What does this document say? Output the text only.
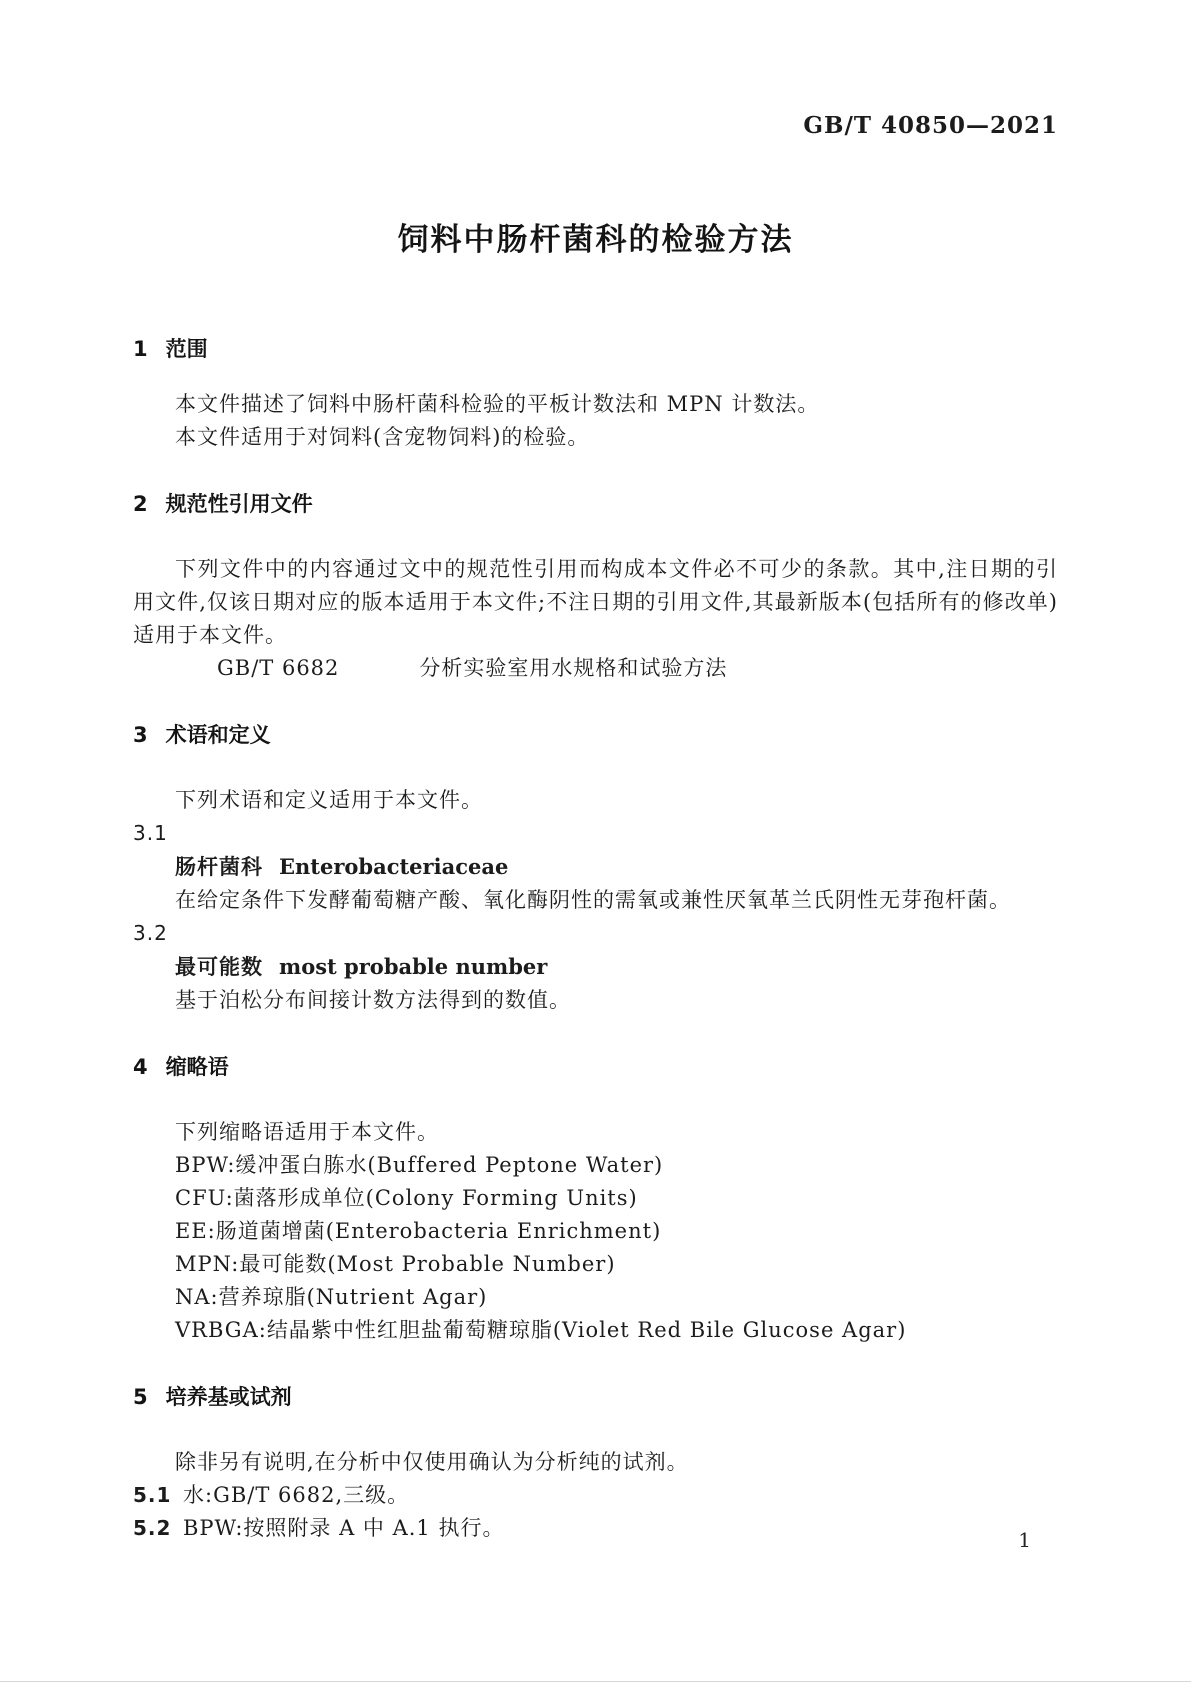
GB/T 40850—2021
饲料中肠杆菌科的检验方法
1 范围

本文件描述了饲料中肠杆菌科检验的平板计数法和 MPN 计数法。

本文件适用于对饲料(含宠物饲料)的检验。

2 规范性引用文件

下列文件中的内容通过文中的规范性引用而构成本文件必不可少的条款。其中,注日期的引用文件,仅该日期对应的版本适用于本文件;不注日期的引用文件,其最新版本(包括所有的修改单)适用于本文件。

GB/T 6682	分析实验室用水规格和试验方法

3 术语和定义

下列术语和定义适用于本文件。

3.1
肠杆菌科 Enterobacteriaceae

在给定条件下发酵葡萄糖产酸、氧化酶阴性的需氧或兼性厌氧革兰氏阴性无芽孢杆菌。

3.2
最可能数 most probable number

基于泊松分布间接计数方法得到的数值。

4 缩略语

下列缩略语适用于本文件。

BPW:缓冲蛋白胨水(Buffered Peptone Water)

CFU:菌落形成单位(Colony Forming Units)

EE:肠道菌增菌(Enterobacteria Enrichment)

MPN:最可能数(Most Probable Number)

NA:营养琼脂(Nutrient Agar)

VRBGA:结晶紫中性红胆盐葡萄糖琼脂(Violet Red Bile Glucose Agar)

5 培养基或试剂

除非另有说明,在分析中仅使用确认为分析纯的试剂。

5.1 水:GB/T 6682,三级。

5.2 BPW:按照附录 A 中 A.1 执行。	1
